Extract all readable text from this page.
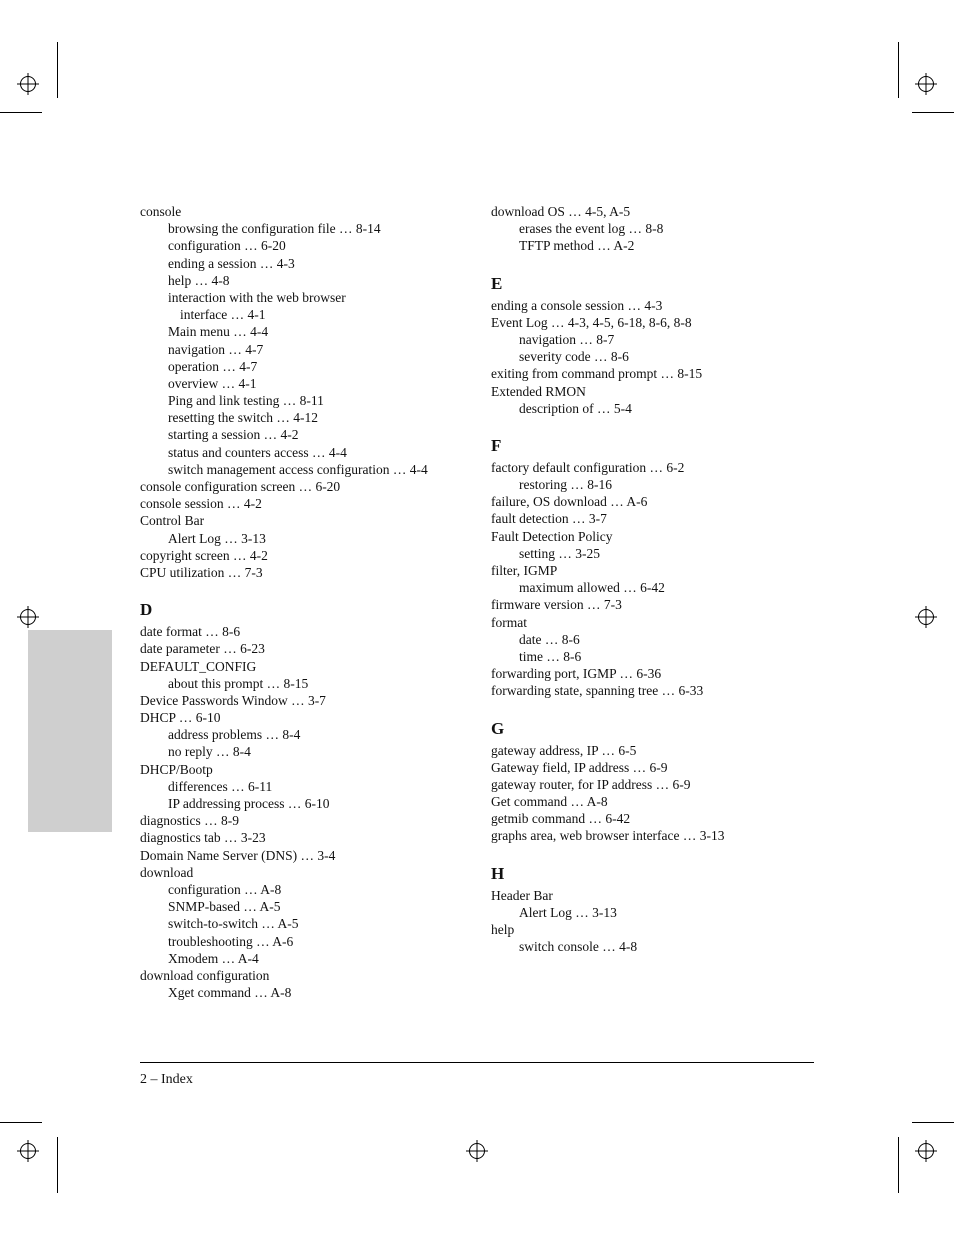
console
browsing the configuration file … 8-14
configuration … 6-20
ending a session … 4-3
help … 4-8
interaction with the web browser
interface … 4-1
Main menu … 4-4
navigation … 4-7
operation … 4-7
overview … 4-1
Ping and link testing … 8-11
resetting the switch … 4-12
starting a session … 4-2
status and counters access … 4-4
switch management access configuration … 4-4
console configuration screen … 6-20
console session … 4-2
Control Bar
Alert Log … 3-13
copyright screen … 4-2
CPU utilization … 7-3
D
date format … 8-6
date parameter … 6-23
DEFAULT_CONFIG
about this prompt … 8-15
Device Passwords Window … 3-7
DHCP … 6-10
address problems … 8-4
no reply … 8-4
DHCP/Bootp
differences … 6-11
IP addressing process … 6-10
diagnostics … 8-9
diagnostics tab … 3-23
Domain Name Server (DNS) … 3-4
download
configuration … A-8
SNMP-based … A-5
switch-to-switch … A-5
troubleshooting … A-6
Xmodem … A-4
download configuration
Xget command … A-8
download OS … 4-5, A-5
erases the event log … 8-8
TFTP method … A-2
E
ending a console session … 4-3
Event Log … 4-3, 4-5, 6-18, 8-6, 8-8
navigation … 8-7
severity code … 8-6
exiting from command prompt … 8-15
Extended RMON
description of … 5-4
F
factory default configuration … 6-2
restoring … 8-16
failure, OS download … A-6
fault detection … 3-7
Fault Detection Policy
setting … 3-25
filter, IGMP
maximum allowed … 6-42
firmware version … 7-3
format
date … 8-6
time … 8-6
forwarding port, IGMP … 6-36
forwarding state, spanning tree … 6-33
G
gateway address, IP … 6-5
Gateway field, IP address … 6-9
gateway router, for IP address … 6-9
Get command … A-8
getmib command … 6-42
graphs area, web browser interface … 3-13
H
Header Bar
Alert Log … 3-13
help
switch console … 4-8
2 – Index
